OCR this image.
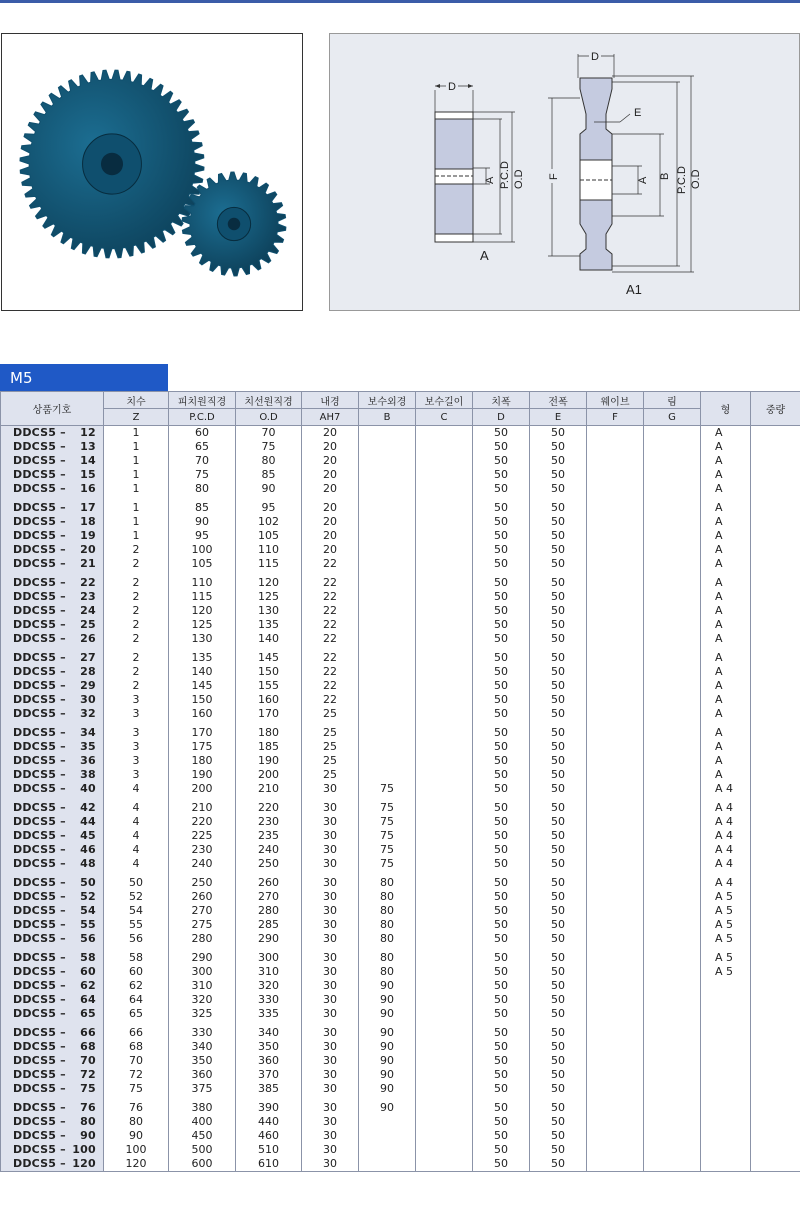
D
A P.C.D O.D
A
D
E
F
A
B P.C.D O.D
A1
M5
상품기호	치수	피치원직경	치선원직경	내경	보수외경	보수길이	치폭	전폭	웨이브	림	형	중량
	Z	P.C.D	O.D	AH7	B	C	D	E	F	G		
DDCS5 – 12	1	60	70	20			50	50			A	
DDCS5 – 13	1	65	75	20			50	50			A	
DDCS5 – 14	1	70	80	20			50	50			A	
DDCS5 – 15	1	75	85	20			50	50			A	
DDCS5 – 16	1	80	90	20			50	50			A	
DDCS5 – 17	1	85	95	20			50	50			A	
DDCS5 – 18	1	90	102	20			50	50			A	
DDCS5 – 19	1	95	105	20			50	50			A	
DDCS5 – 20	2	100	110	20			50	50			A	
DDCS5 – 21	2	105	115	22			50	50			A	
DDCS5 – 22	2	110	120	22			50	50			A	
DDCS5 – 23	2	115	125	22			50	50			A	
DDCS5 – 24	2	120	130	22			50	50			A	
DDCS5 – 25	2	125	135	22			50	50			A	
DDCS5 – 26	2	130	140	22			50	50			A	
DDCS5 – 27	2	135	145	22			50	50			A	
DDCS5 – 28	2	140	150	22			50	50			A	
DDCS5 – 29	2	145	155	22			50	50			A	
DDCS5 – 30	3	150	160	22			50	50			A	
DDCS5 – 32	3	160	170	25			50	50			A	
DDCS5 – 34	3	170	180	25			50	50			A	
DDCS5 – 35	3	175	185	25			50	50			A	
DDCS5 – 36	3	180	190	25			50	50			A	
DDCS5 – 38	3	190	200	25			50	50			A	
DDCS5 – 40	4	200	210	30	75		50	50			A 4	
DDCS5 – 42	4	210	220	30	75		50	50			A 4	
DDCS5 – 44	4	220	230	30	75		50	50			A 4	
DDCS5 – 45	4	225	235	30	75		50	50			A 4	
DDCS5 – 46	4	230	240	30	75		50	50			A 4	
DDCS5 – 48	4	240	250	30	75		50	50			A 4	
DDCS5 – 50	50	250	260	30	80		50	50			A 4	
DDCS5 – 52	52	260	270	30	80		50	50			A 5	
DDCS5 – 54	54	270	280	30	80		50	50			A 5	
DDCS5 – 55	55	275	285	30	80		50	50			A 5	
DDCS5 – 56	56	280	290	30	80		50	50			A 5	
DDCS5 – 58	58	290	300	30	80		50	50			A 5	
DDCS5 – 60	60	300	310	30	80		50	50			A 5	
DDCS5 – 62	62	310	320	30	90		50	50				
DDCS5 – 64	64	320	330	30	90		50	50				
DDCS5 – 65	65	325	335	30	90		50	50				
DDCS5 – 66	66	330	340	30	90		50	50				
DDCS5 – 68	68	340	350	30	90		50	50				
DDCS5 – 70	70	350	360	30	90		50	50				
DDCS5 – 72	72	360	370	30	90		50	50				
DDCS5 – 75	75	375	385	30	90		50	50				
DDCS5 – 76	76	380	390	30	90		50	50				
DDCS5 – 80	80	400	440	30			50	50				
DDCS5 – 90	90	450	460	30			50	50				
DDCS5 – 100	100	500	510	30			50	50				
DDCS5 – 120	120	600	610	30			50	50				
